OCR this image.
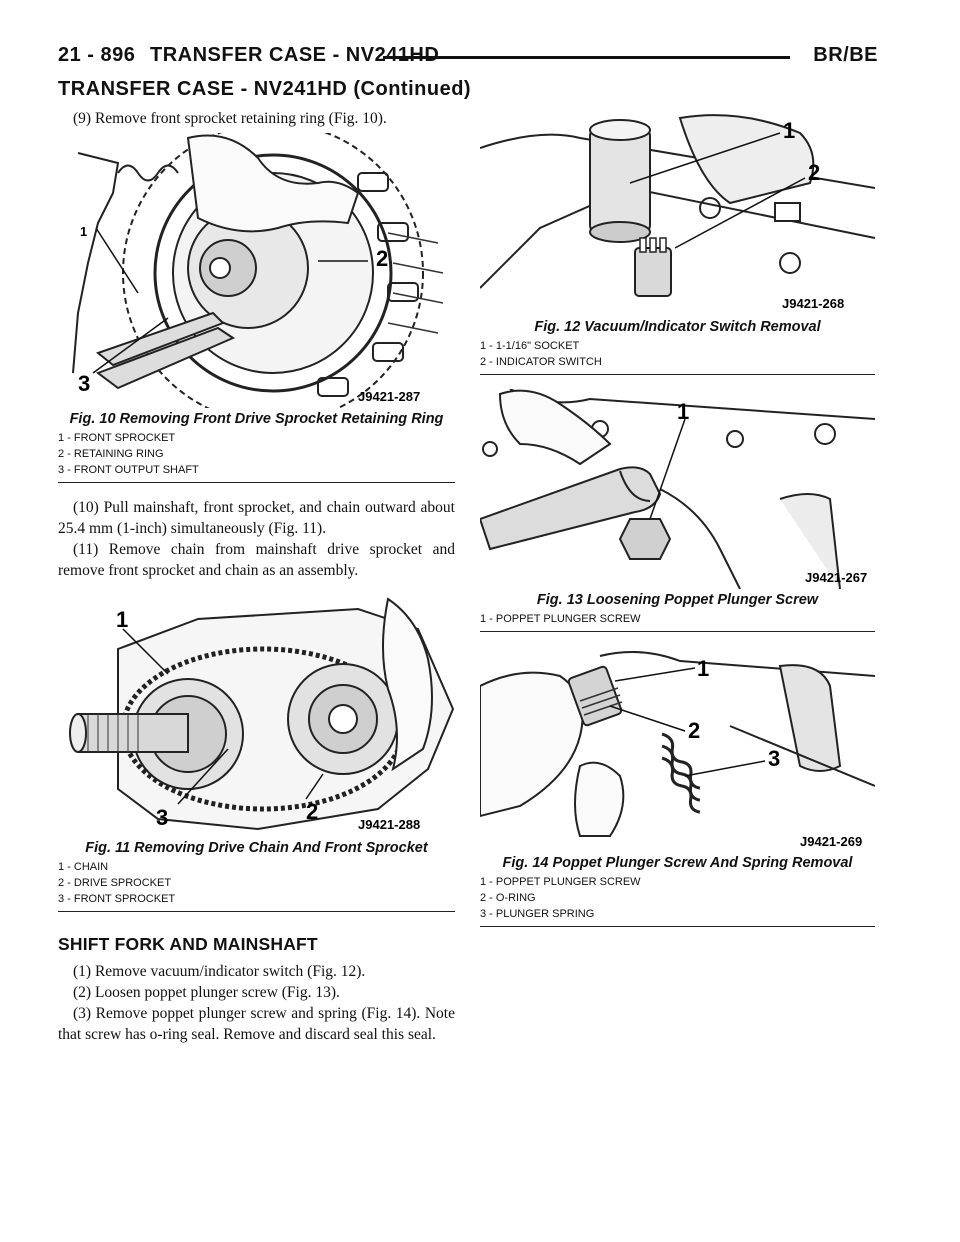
21 - 896 TRANSFER CASE - NV241HD	BR/BE
TRANSFER CASE - NV241HD (Continued)

(9) Remove front sprocket retaining ring (Fig. 10).

1
2
3
J9421-287
Fig. 10 Removing Front Drive Sprocket Retaining Ring
1 - FRONT SPROCKET
2 - RETAINING RING
3 - FRONT OUTPUT SHAFT

(10) Pull mainshaft, front sprocket, and chain outward about 25.4 mm (1-inch) simultaneously (Fig. 11).

(11) Remove chain from mainshaft drive sprocket and remove front sprocket and chain as an assembly.

1
2
3	J9421-288
Fig. 11 Removing Drive Chain And Front Sprocket
1 - CHAIN
2 - DRIVE SPROCKET
3 - FRONT SPROCKET
SHIFT FORK AND MAINSHAFT

(1) Remove vacuum/indicator switch (Fig. 12).

(2) Loosen poppet plunger screw (Fig. 13).

(3) Remove poppet plunger screw and spring (Fig. 14). Note that screw has o-ring seal. Remove and discard seal this seal.

1
2
J9421-268
Fig. 12 Vacuum/Indicator Switch Removal
1 - 1-1/16" SOCKET
2 - INDICATOR SWITCH
1
J9421-267
Fig. 13 Loosening Poppet Plunger Screw
1 - POPPET PLUNGER SCREW
1
2
3
J9421-269
Fig. 14 Poppet Plunger Screw And Spring Removal
1 - POPPET PLUNGER SCREW
2 - O-RING
3 - PLUNGER SPRING
